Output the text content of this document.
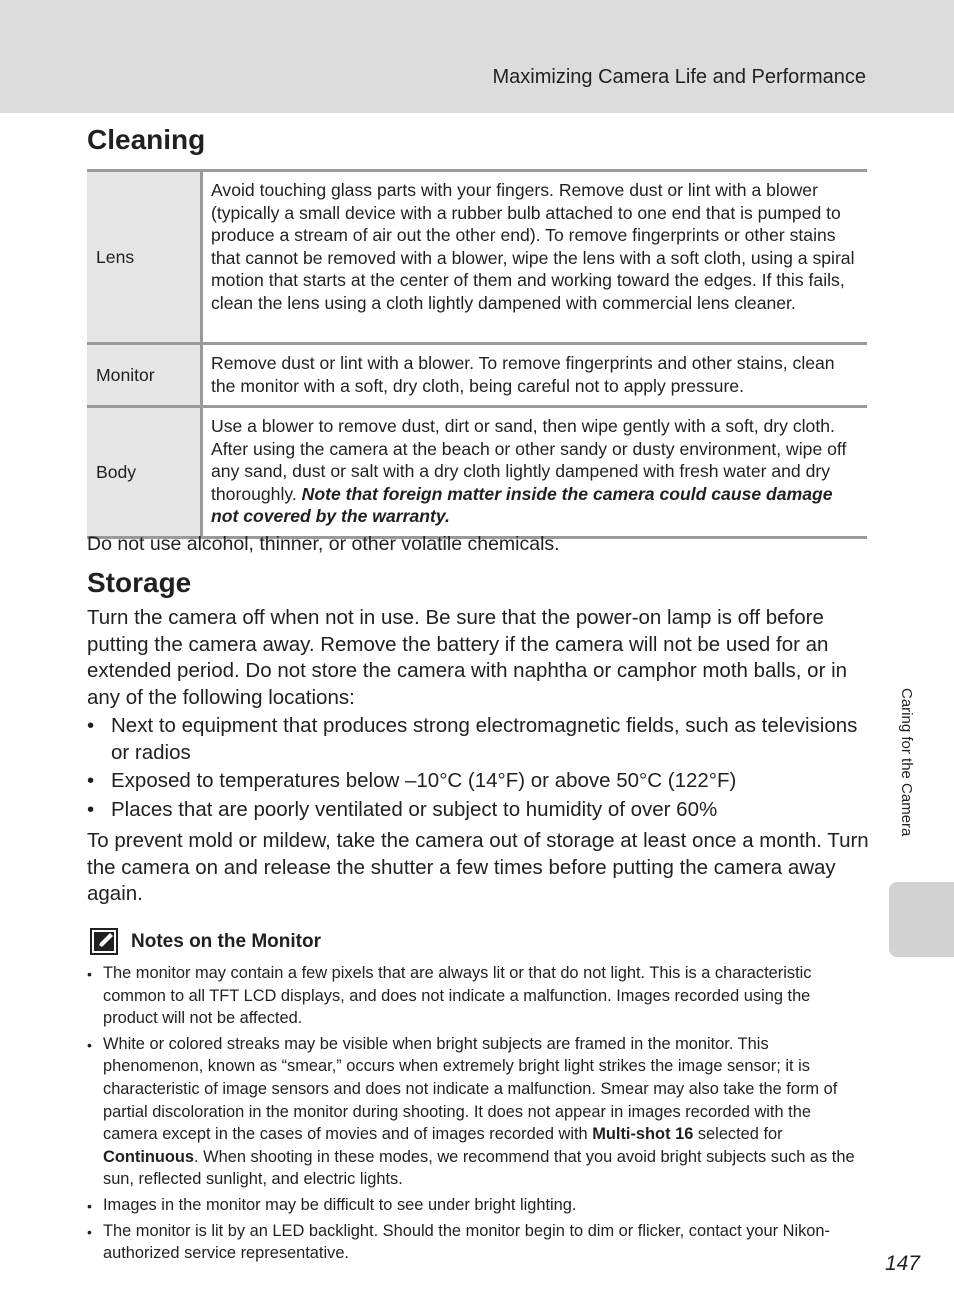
Maximizing Camera Life and Performance
Cleaning
Lens	Avoid touching glass parts with your fingers. Remove dust or lint with a blower (typically a small device with a rubber bulb attached to one end that is pumped to produce a stream of air out the other end). To remove fingerprints or other stains that cannot be removed with a blower, wipe the lens with a soft cloth, using a spiral motion that starts at the center of them and working toward the edges. If this fails, clean the lens using a cloth lightly dampened with commercial lens cleaner.
Monitor	Remove dust or lint with a blower. To remove fingerprints and other stains, clean the monitor with a soft, dry cloth, being careful not to apply pressure.
Body	Use a blower to remove dust, dirt or sand, then wipe gently with a soft, dry cloth. After using the camera at the beach or other sandy or dusty environment, wipe off any sand, dust or salt with a dry cloth lightly dampened with fresh water and dry thoroughly. Note that foreign matter inside the camera could cause damage not covered by the warranty.
Do not use alcohol, thinner, or other volatile chemicals.
Storage

Turn the camera off when not in use. Be sure that the power-on lamp is off before putting the camera away. Remove the battery if the camera will not be used for an extended period. Do not store the camera with naphtha or camphor moth balls, or in any of the following locations:

• Next to equipment that produces strong electromagnetic fields, such as televisions or radios
• Exposed to temperatures below –10°C (14°F) or above 50°C (122°F)
• Places that are poorly ventilated or subject to humidity of over 60%

To prevent mold or mildew, take the camera out of storage at least once a month. Turn the camera on and release the shutter a few times before putting the camera away again.

Notes on the Monitor
• The monitor may contain a few pixels that are always lit or that do not light. This is a characteristic common to all TFT LCD displays, and does not indicate a malfunction. Images recorded using the product will not be affected.
• White or colored streaks may be visible when bright subjects are framed in the monitor. This phenomenon, known as “smear,” occurs when extremely bright light strikes the image sensor; it is characteristic of image sensors and does not indicate a malfunction. Smear may also take the form of partial discoloration in the monitor during shooting. It does not appear in images recorded with the camera except in the cases of movies and of images recorded with Multi-shot 16 selected for Continuous. When shooting in these modes, we recommend that you avoid bright subjects such as the sun, reflected sunlight, and electric lights.
• Images in the monitor may be difficult to see under bright lighting.
• The monitor is lit by an LED backlight. Should the monitor begin to dim or flicker, contact your Nikon-authorized service representative.
Caring for the Camera
147
